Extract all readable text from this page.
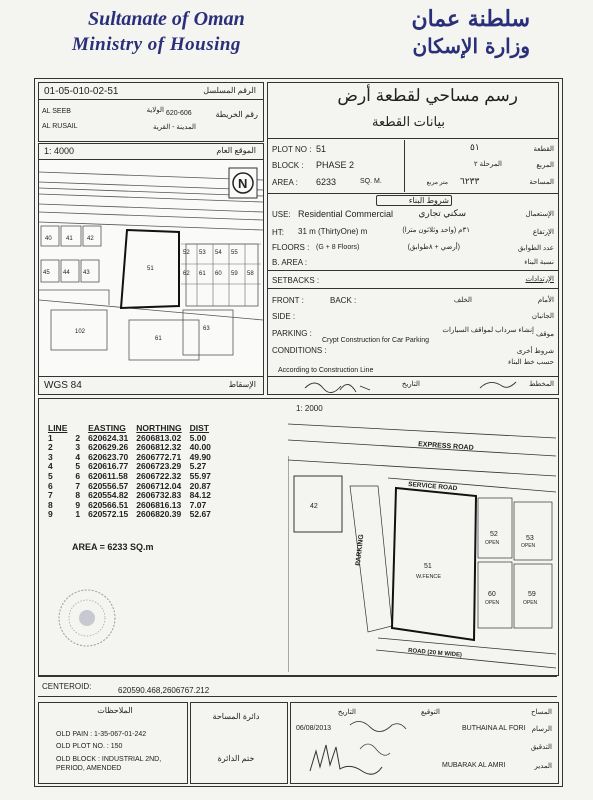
Sultanate of Oman
Ministry of Housing
سلطنة عمان
وزارة الإسكان
01-05-010-02-51	الرقم المسلسل
AL SEEB	الولاية
AL RUSAIL	المدينة - القرية
620-606	رقم الخريطة
1: 4000	الموقع العام
40 41 42
45 44 43
102
51
52 53 54 55
62 61 60 59 58
61
63
N
WGS 84	الإسقاط
رسم مساحي لقطعة أرض
بيانات القطعة
PLOT NO : 51	٥١	القطعة
BLOCK : PHASE 2	المرحلة ٢	المربع
AREA : 6233	SQ. M.	متر مربع ٦٢٣٣	المساحة
شروط البناء
USE: Residential Commercial	سكني تجاري	الإستعمال
HT: 31 m (ThirtyOne) m	٣١م (واحد وثلاثون مترا)	الإرتفاع
FLOORS : (G + 8 Floors)	(أرضي + ٨طوابق)	عدد الطوابق
B. AREA :	نسبة البناء
SETBACKS :	الإرتدادات
FRONT :	BACK :	الخلف	الأمام
SIDE :	الجانبان
PARKING :
Crypt Construction for Car Parking
إنشاء سرداب لمواقف السيارات
موقف
CONDITIONS :	شروط أخرى
حسب خط البناء
According to Construction Line
التاريخ	المخطط
1: 2000
LINE		EASTING	NORTHING	DIST
1	2	620624.31	2606813.02	5.00
2	3	620629.26	2606812.32	40.00
3	4	620623.70	2606772.71	49.90
4	5	620616.77	2606723.29	5.27
5	6	620611.58	2606722.32	55.97
6	7	620556.57	2606712.04	20.87
7	8	620554.82	2606732.83	84.12
8	9	620566.51	2606816.13	7.07
9	1	620572.15	2606820.39	52.67
AREA = 6233 SQ.m
EXPRESS ROAD
SERVICE ROAD
42
PARKING
51
W.FENCE
52
OPEN
53
OPEN
60
OPEN
59
OPEN
ROAD (20 M WIDE)
CENTEROID:	620590.468,2606767.212
الملاحظات
OLD PAIN : 1-35-067-01-242
OLD PLOT NO. : 150
OLD BLOCK : INDUSTRIAL 2ND, PERIOD, AMENDED
دائرة المساحة
ختم الدائرة
التاريخ	التوقيع	المساح
06/08/2013	BUTHAINA AL FORI الرسام
التدقيق
MUBARAK AL AMRI	المدير
